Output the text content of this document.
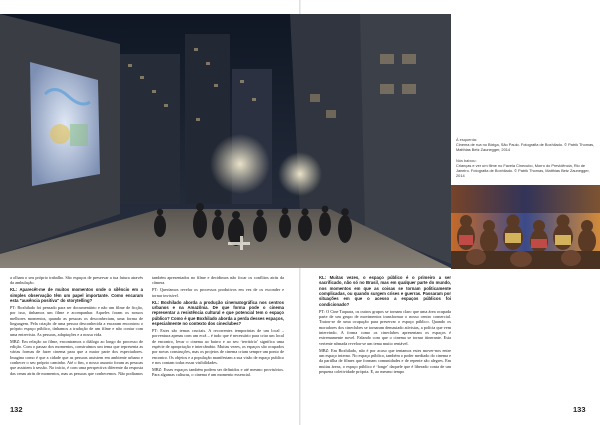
À esquerda:
Cinema de rua no Bixiga, São Paulo. Fotografia de Boxhilado. © Patrik Thomas, Matthias Betz Zaunegger, 2014

Nós baixou:
Crianças e ver um filme no Favela Cinecubo, Morro do Previdência, Rio de Janeiro. Fotografia de Boxhilado. © Patrik Thomas, Matthias Betz Zaunegger, 2014

a olham o seu próprio trabalho. São espaços de preservar a tua futura através da ambulação.

KL: Aparecêt-me de muitos momentos onde o silêncio em a simples observação têm um papel importante. Como encaram esta "ausência positiva" do storytelling?

PT: Boxhilado foi pensado para ser documentário e não um filme de ficção, por isso, tínhamos um filme e acompanhar. Aqueles foram os nossos melhores momentos, quando as pessoas os desconheciam, uma forma de linguagem. Pela criação de uma pessoa desconhecida a encaram encontrou o próprio espaço público, tínhamos a tradução de um filme e não contar com uma entrevista. As pessoas, adaptações e a nossa vida.

MBZ: Em relação ao filme, encontramos o diálogo ao longo do processo de edição. Com o passar dos momentos, construímos um tema que representa as várias formas de fazer cinema para que a maior parte dos espectadores. Imagina como é que a cidade que as pessoas assistem em ambiente urbano e conhecer o seu próprio caminho. Até o fim, o nosso assunto foram as pessoas que assistem à sessão. No início, é com uma perspectiva diferente da resposta das cenas atrás de momentos, mas as pessoas que conhecemos. Não podíamos

também apresentados no filme e decidimos não focar os conflitos atrás da câmera.

PT: Queríamos revelar os processos produtivos em vez de os esconder e tornar invisível.

KL: Boxhilado aborda a produção cinematográfica nos centros urbanos e na Amazônia. De que forma pode o cinema representar a resistência cultural e que potencial tem o espaço público? Como é que Boxhilado aborda a perda desses espaços, especialmente no contexto dos cineclubes?

PT: Estes são temas cruciais. A recorrentes temporárias de um local – porventura apenas com um ecrã – é tudo que é necessário para criar um local de encontro, levar o cinema ao bairro e ao seu ‘território’ significa uma espécie de apropriação e intercâmbio. Muitas vezes, os espaços são ocupados por novas construções, mas os projetos de cinema criam sempre um ponto de encontro. Os objetos e a população manifestam a sua visão de espaço publico e nos contam todas essas visibilidades.

MBZ: Esses espaços também podem ser definidos e até mesmo provisórios. Para algumas culturas, o cinema é um momento essencial.

KL: Muitas vezes, o espaço público é o primeiro a ser sacrificado, não só no Brasil, mas em qualquer parte do mundo, nos momentos em que as coisas se tornam politicamente complicadas, ou quando surgem crises e guerras. Passaram por situações em que o acesso a espaços públicos foi condicionado?

PT: O Cine Taquara, os outros grupos se tornam claro que uma área ocupada parte de um grupo de movimentos transformar o nosso centro comercial. Tratou-se de uma ocupação para preservar o espaço público. Quando os moradores dos cineclubes se tornaram demasiado ativistas, a polícia que vem intervindo. A forma como os cineclubes apresentam os espaços é extremamente novel. Falando com que o cinema se tornar itinerante. Esta vertente nômada revelou-se um tema muito rentável.

MBZ: Em Boxhilado, não é por acaso que tentamos estes mover-nos entre um espaço interno. No espaço público, também o poder mediado do cinema e da partilha de filmes que formam comunidades e de repente são alegres. Em muitas áreas, o espaço público é ‘longe’ daquele que é liberado conta de um pequena coletividade própria. E, ao mesmo tempo

132	133
